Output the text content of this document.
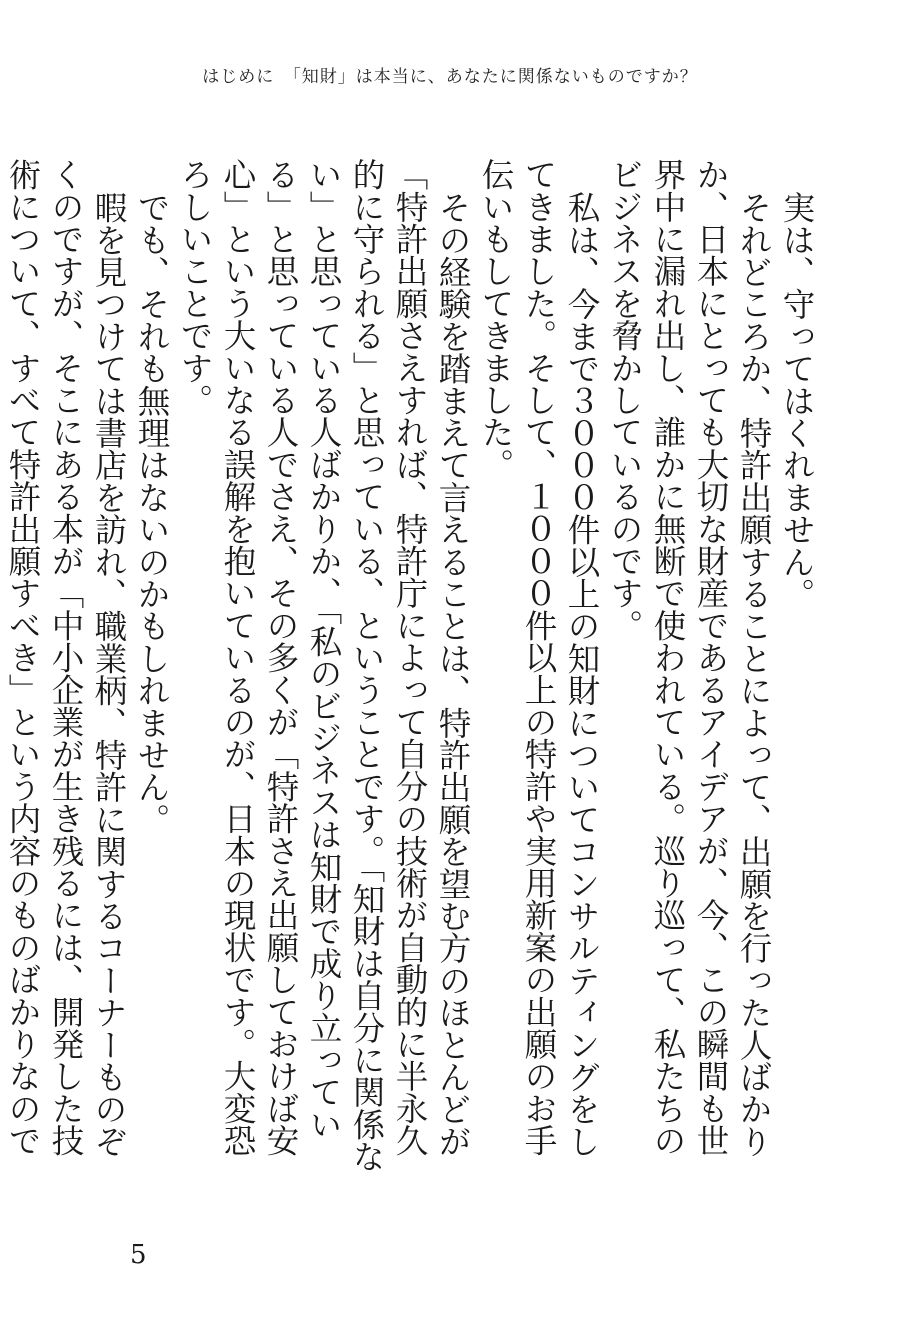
はじめに　「知財」は本当に、あなたに関係ないものですか？

実は、守ってはくれません。

それどころか、特許出願することによって、出願を行った人ばかりか、日本にとっても大切な財産であるアイデアが、今、この瞬間も世界中に漏れ出し、誰かに無断で使われている。巡り巡って、私たちのビジネスを脅かしているのです。

私は、今まで３０００件以上の知財についてコンサルティングをしてきました。そして、１０００件以上の特許や実用新案の出願のお手伝いもしてきました。

その経験を踏まえて言えることは、特許出願を望む方のほとんどが「特許出願さえすれば、特許庁によって自分の技術が自動的に半永久的に守られる」と思っている、ということです。「知財は自分に関係ない」と思っている人ばかりか、「私のビジネスは知財で成り立っている」と思っている人でさえ、その多くが「特許さえ出願しておけば安心」という大いなる誤解を抱いているのが、日本の現状です。大変恐ろしいことです。

でも、それも無理はないのかもしれません。

暇を見つけては書店を訪れ、職業柄、特許に関するコーナーものぞくのですが、そこにある本が「中小企業が生き残るには、開発した技術について、すべて特許出願すべき」という内容のものばかりなので

5
